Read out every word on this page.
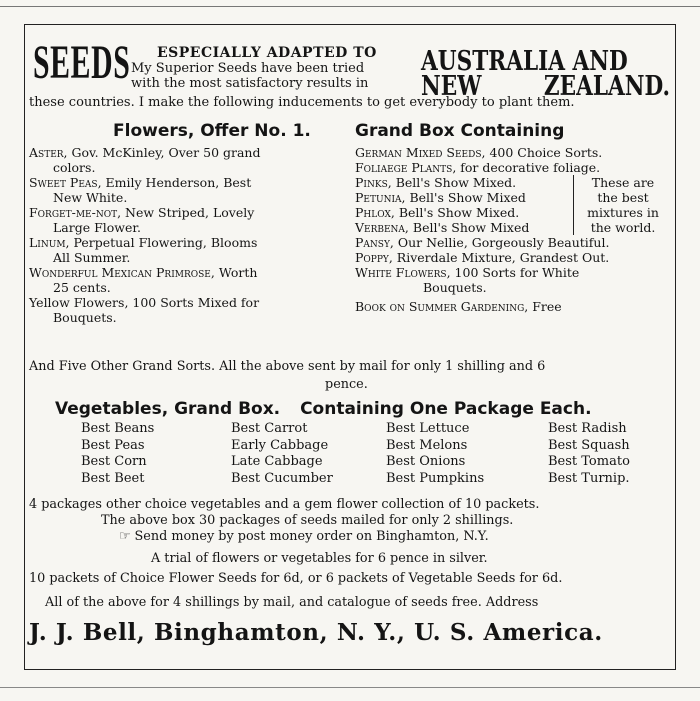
SEEDS ESPECIALLY ADAPTED TO
My Superior Seeds have been tried
with the most satisfactory results in
AUSTRALIA AND
NEW ZEALAND.
these countries. I make the following inducements to get everybody to plant them.
Flowers, Offer No. 1.	Grand Box Containing
Aster, Gov. McKinley, Over 50 grand
colors.
Sweet Peas, Emily Henderson, Best
New White.
Forget-me-not, New Striped, Lovely
Large Flower.
Linum, Perpetual Flowering, Blooms
All Summer.
Wonderful Mexican Primrose, Worth
25 cents.
Yellow Flowers, 100 Sorts Mixed for
Bouquets.
German Mixed Seeds, 400 Choice Sorts.
Foliaege Plants, for decorative foliage.
Pinks, Bell's Show Mixed.
Petunia, Bell's Show Mixed
Phlox, Bell's Show Mixed.
Verbena, Bell's Show Mixed
These are
the best
mixtures in
the world.
Pansy, Our Nellie, Gorgeously Beautiful.
Poppy, Riverdale Mixture, Grandest Out.
White Flowers, 100 Sorts for White
Bouquets.
Book on Summer Gardening, Free
And Five Other Grand Sorts. All the above sent by mail for only 1 shilling and 6
pence.
Vegetables, Grand Box. Containing One Package Each.
Best Beans	Best Carrot	Best Lettuce	Best Radish
Best Peas	Early Cabbage	Best Melons	Best Squash
Best Corn	Late Cabbage	Best Onions	Best Tomato
Best Beet	Best Cucumber	Best Pumpkins	Best Turnip.
4 packages other choice vegetables and a gem flower collection of 10 packets.
The above box 30 packages of seeds mailed for only 2 shillings.
☞ Send money by post money order on Binghamton, N.Y.
A trial of flowers or vegetables for 6 pence in silver.
10 packets of Choice Flower Seeds for 6d, or 6 packets of Vegetable Seeds for 6d.
All of the above for 4 shillings by mail, and catalogue of seeds free. Address
J. J. Bell, Binghamton, N. Y., U. S. America.
